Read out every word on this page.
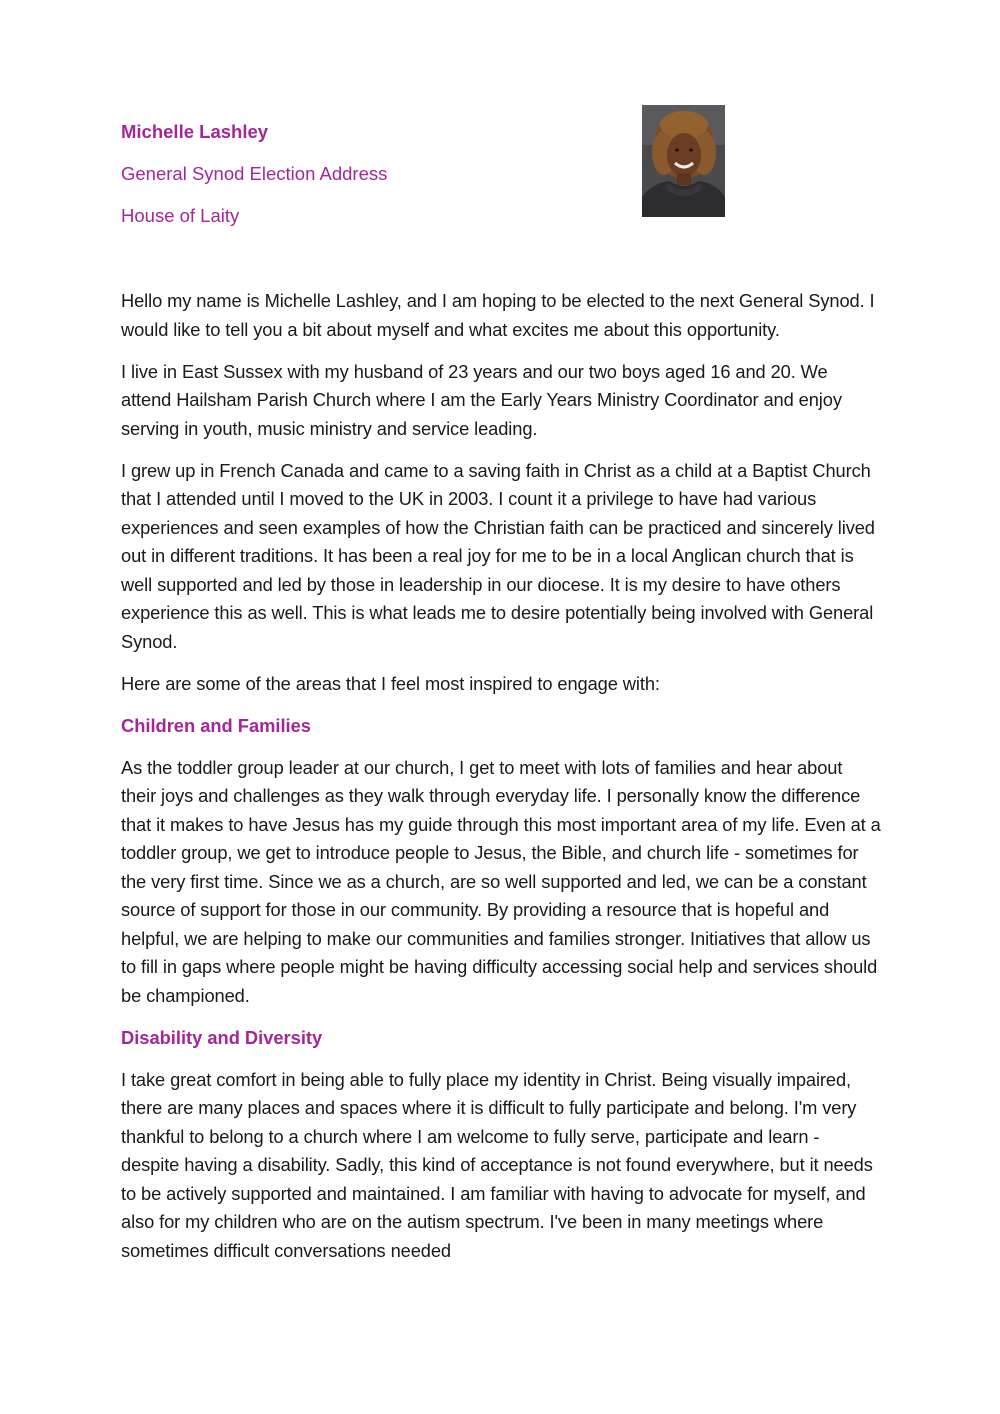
Michelle Lashley

General Synod Election Address

House of Laity

Hello my name is Michelle Lashley, and I am hoping to be elected to the next General Synod. I would like to tell you a bit about myself and what excites me about this opportunity.

I live in East Sussex with my husband of 23 years and our two boys aged 16 and 20. We attend Hailsham Parish Church where I am the Early Years Ministry Coordinator and enjoy serving in youth, music ministry and service leading.

I grew up in French Canada and came to a saving faith in Christ as a child at a Baptist Church that I attended until I moved to the UK in 2003. I count it a privilege to have had various experiences and seen examples of how the Christian faith can be practiced and sincerely lived out in different traditions. It has been a real joy for me to be in a local Anglican church that is well supported and led by those in leadership in our diocese. It is my desire to have others experience this as well. This is what leads me to desire potentially being involved with General Synod.

Here are some of the areas that I feel most inspired to engage with:

Children and Families

As the toddler group leader at our church, I get to meet with lots of families and hear about their joys and challenges as they walk through everyday life. I personally know the difference that it makes to have Jesus has my guide through this most important area of my life. Even at a toddler group, we get to introduce people to Jesus, the Bible, and church life - sometimes for the very first time. Since we as a church, are so well supported and led, we can be a constant source of support for those in our community. By providing a resource that is hopeful and helpful, we are helping to make our communities and families stronger. Initiatives that allow us to fill in gaps where people might be having difficulty accessing social help and services should be championed.

Disability and Diversity

I take great comfort in being able to fully place my identity in Christ. Being visually impaired, there are many places and spaces where it is difficult to fully participate and belong. I'm very thankful to belong to a church where I am welcome to fully serve, participate and learn - despite having a disability. Sadly, this kind of acceptance is not found everywhere, but it needs to be actively supported and maintained. I am familiar with having to advocate for myself, and also for my children who are on the autism spectrum. I've been in many meetings where sometimes difficult conversations needed
